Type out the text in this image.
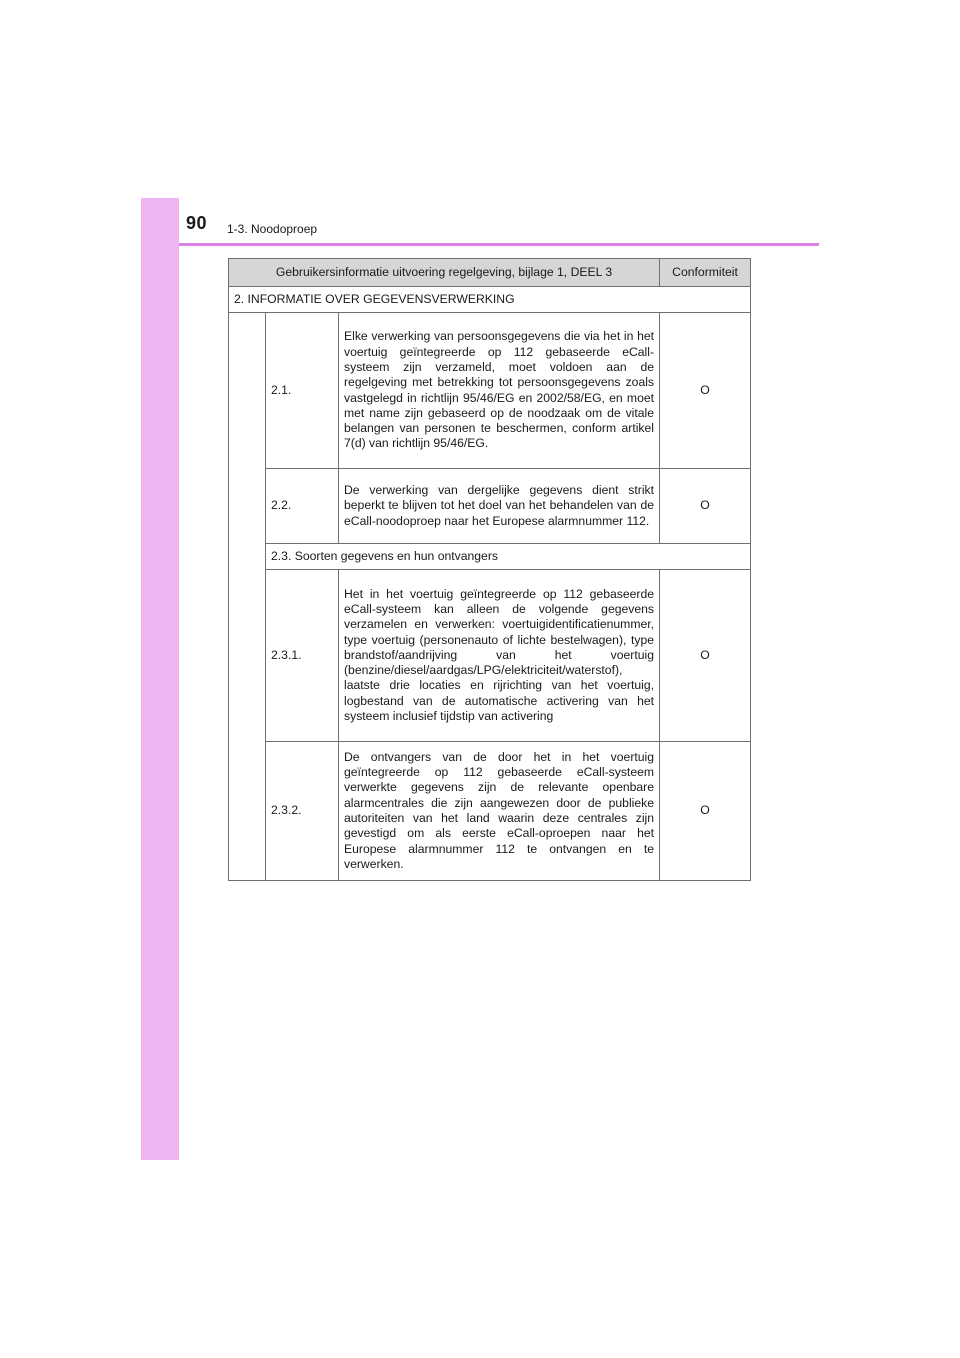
90 1-3. Noodoproep
Gebruikersinformatie uitvoering regelgeving, bijlage 1, DEEL 3			Conformiteit
2. INFORMATIE OVER GEGEVENSVERWERKING			
	2.1.	Elke verwerking van persoonsgegevens die via het in het voertuig geïntegreerde op 112 gebaseerde eCall-systeem zijn verzameld, moet voldoen aan de regelgeving met betrekking tot persoonsgegevens zoals vastgelegd in richtlijn 95/46/EG en 2002/58/EG, en moet met name zijn gebaseerd op de noodzaak om de vitale belangen van personen te beschermen, conform artikel 7(d) van richtlijn 95/46/EG.	O
	2.2.	De verwerking van dergelijke gegevens dient strikt beperkt te blijven tot het doel van het behandelen van de eCall-noodoproep naar het Europese alarmnummer 112.	O
	2.3. Soorten gegevens en hun ontvangers		
	2.3.1.	Het in het voertuig geïntegreerde op 112 gebaseerde eCall-systeem kan alleen de volgende gegevens verzamelen en verwerken: voertuigidentificatienummer, type voertuig (personenauto of lichte bestelwagen), type brandstof/aandrijving van het voertuig (benzine/diesel/aardgas/LPG/elektriciteit/waterstof), laatste drie locaties en rijrichting van het voertuig, logbestand van de automatische activering van het systeem inclusief tijdstip van activering	O
	2.3.2.	De ontvangers van de door het in het voertuig geïntegreerde op 112 gebaseerde eCall-systeem verwerkte gegevens zijn de relevante openbare alarmcentrales die zijn aangewezen door de publieke autoriteiten van het land waarin deze centrales zijn gevestigd om als eerste eCall-oproepen naar het Europese alarmnummer 112 te ontvangen en te verwerken.	O
